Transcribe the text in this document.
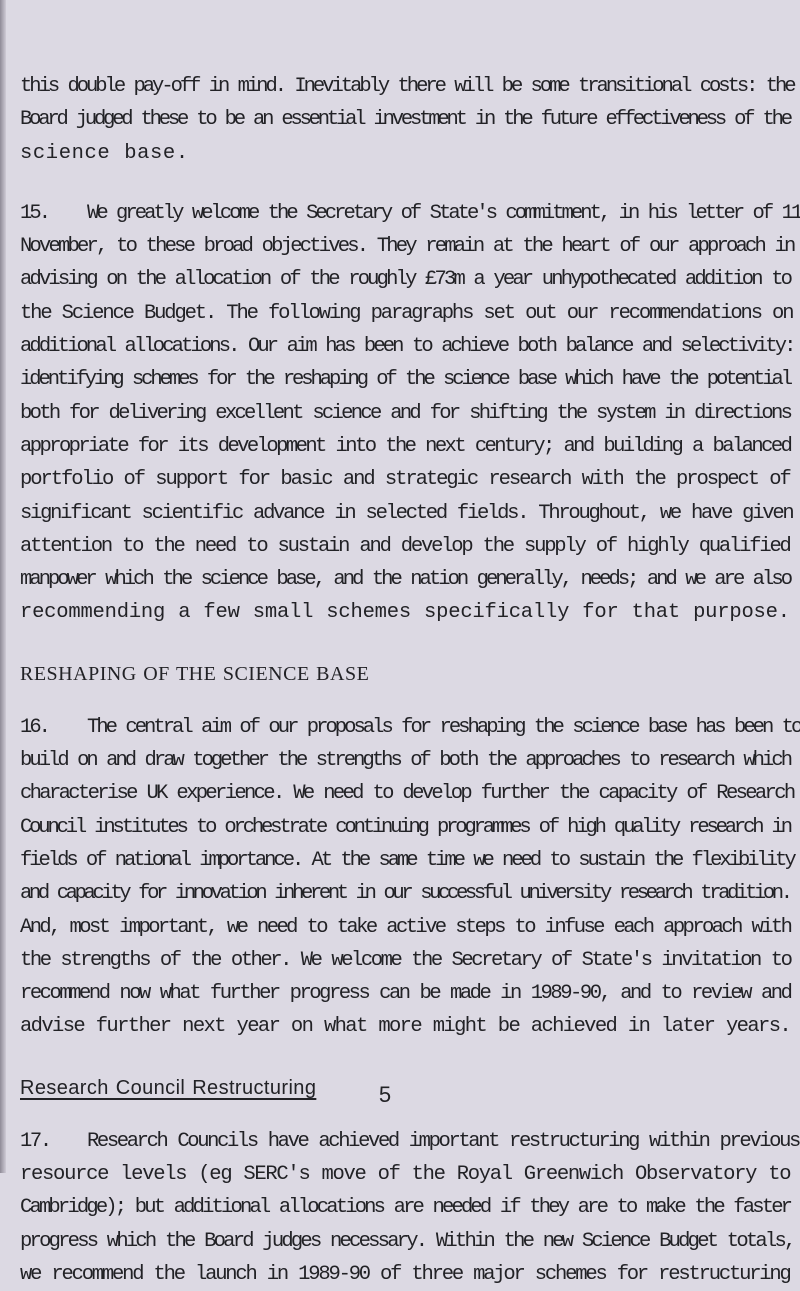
this double pay-off in mind. Inevitably there will be some transitional costs: the
Board judged these to be an essential investment in the future effectiveness of the
science base.
15. We greatly welcome the Secretary of State's commitment, in his letter of 11
November, to these broad objectives. They remain at the heart of our approach in
advising on the allocation of the roughly £73m a year unhypothecated addition to
the Science Budget. The following paragraphs set out our recommendations on
additional allocations. Our aim has been to achieve both balance and selectivity:
identifying schemes for the reshaping of the science base which have the potential
both for delivering excellent science and for shifting the system in directions
appropriate for its development into the next century; and building a balanced
portfolio of support for basic and strategic research with the prospect of
significant scientific advance in selected fields. Throughout, we have given
attention to the need to sustain and develop the supply of highly qualified
manpower which the science base, and the nation generally, needs; and we are also
recommending a few small schemes specifically for that purpose.
RESHAPING OF THE SCIENCE BASE
16. The central aim of our proposals for reshaping the science base has been to
build on and draw together the strengths of both the approaches to research which
characterise UK experience. We need to develop further the capacity of Research
Council institutes to orchestrate continuing programmes of high quality research in
fields of national importance. At the same time we need to sustain the flexibility
and capacity for innovation inherent in our successful university research tradition.
And, most important, we need to take active steps to infuse each approach with
the strengths of the other. We welcome the Secretary of State's invitation to
recommend now what further progress can be made in 1989-90, and to review and
advise further next year on what more might be achieved in later years.
Research Council Restructuring
17. Research Councils have achieved important restructuring within previous
resource levels (eg SERC's move of the Royal Greenwich Observatory to
Cambridge); but additional allocations are needed if they are to make the faster
progress which the Board judges necessary. Within the new Science Budget totals,
we recommend the launch in 1989-90 of three major schemes for restructuring
5
